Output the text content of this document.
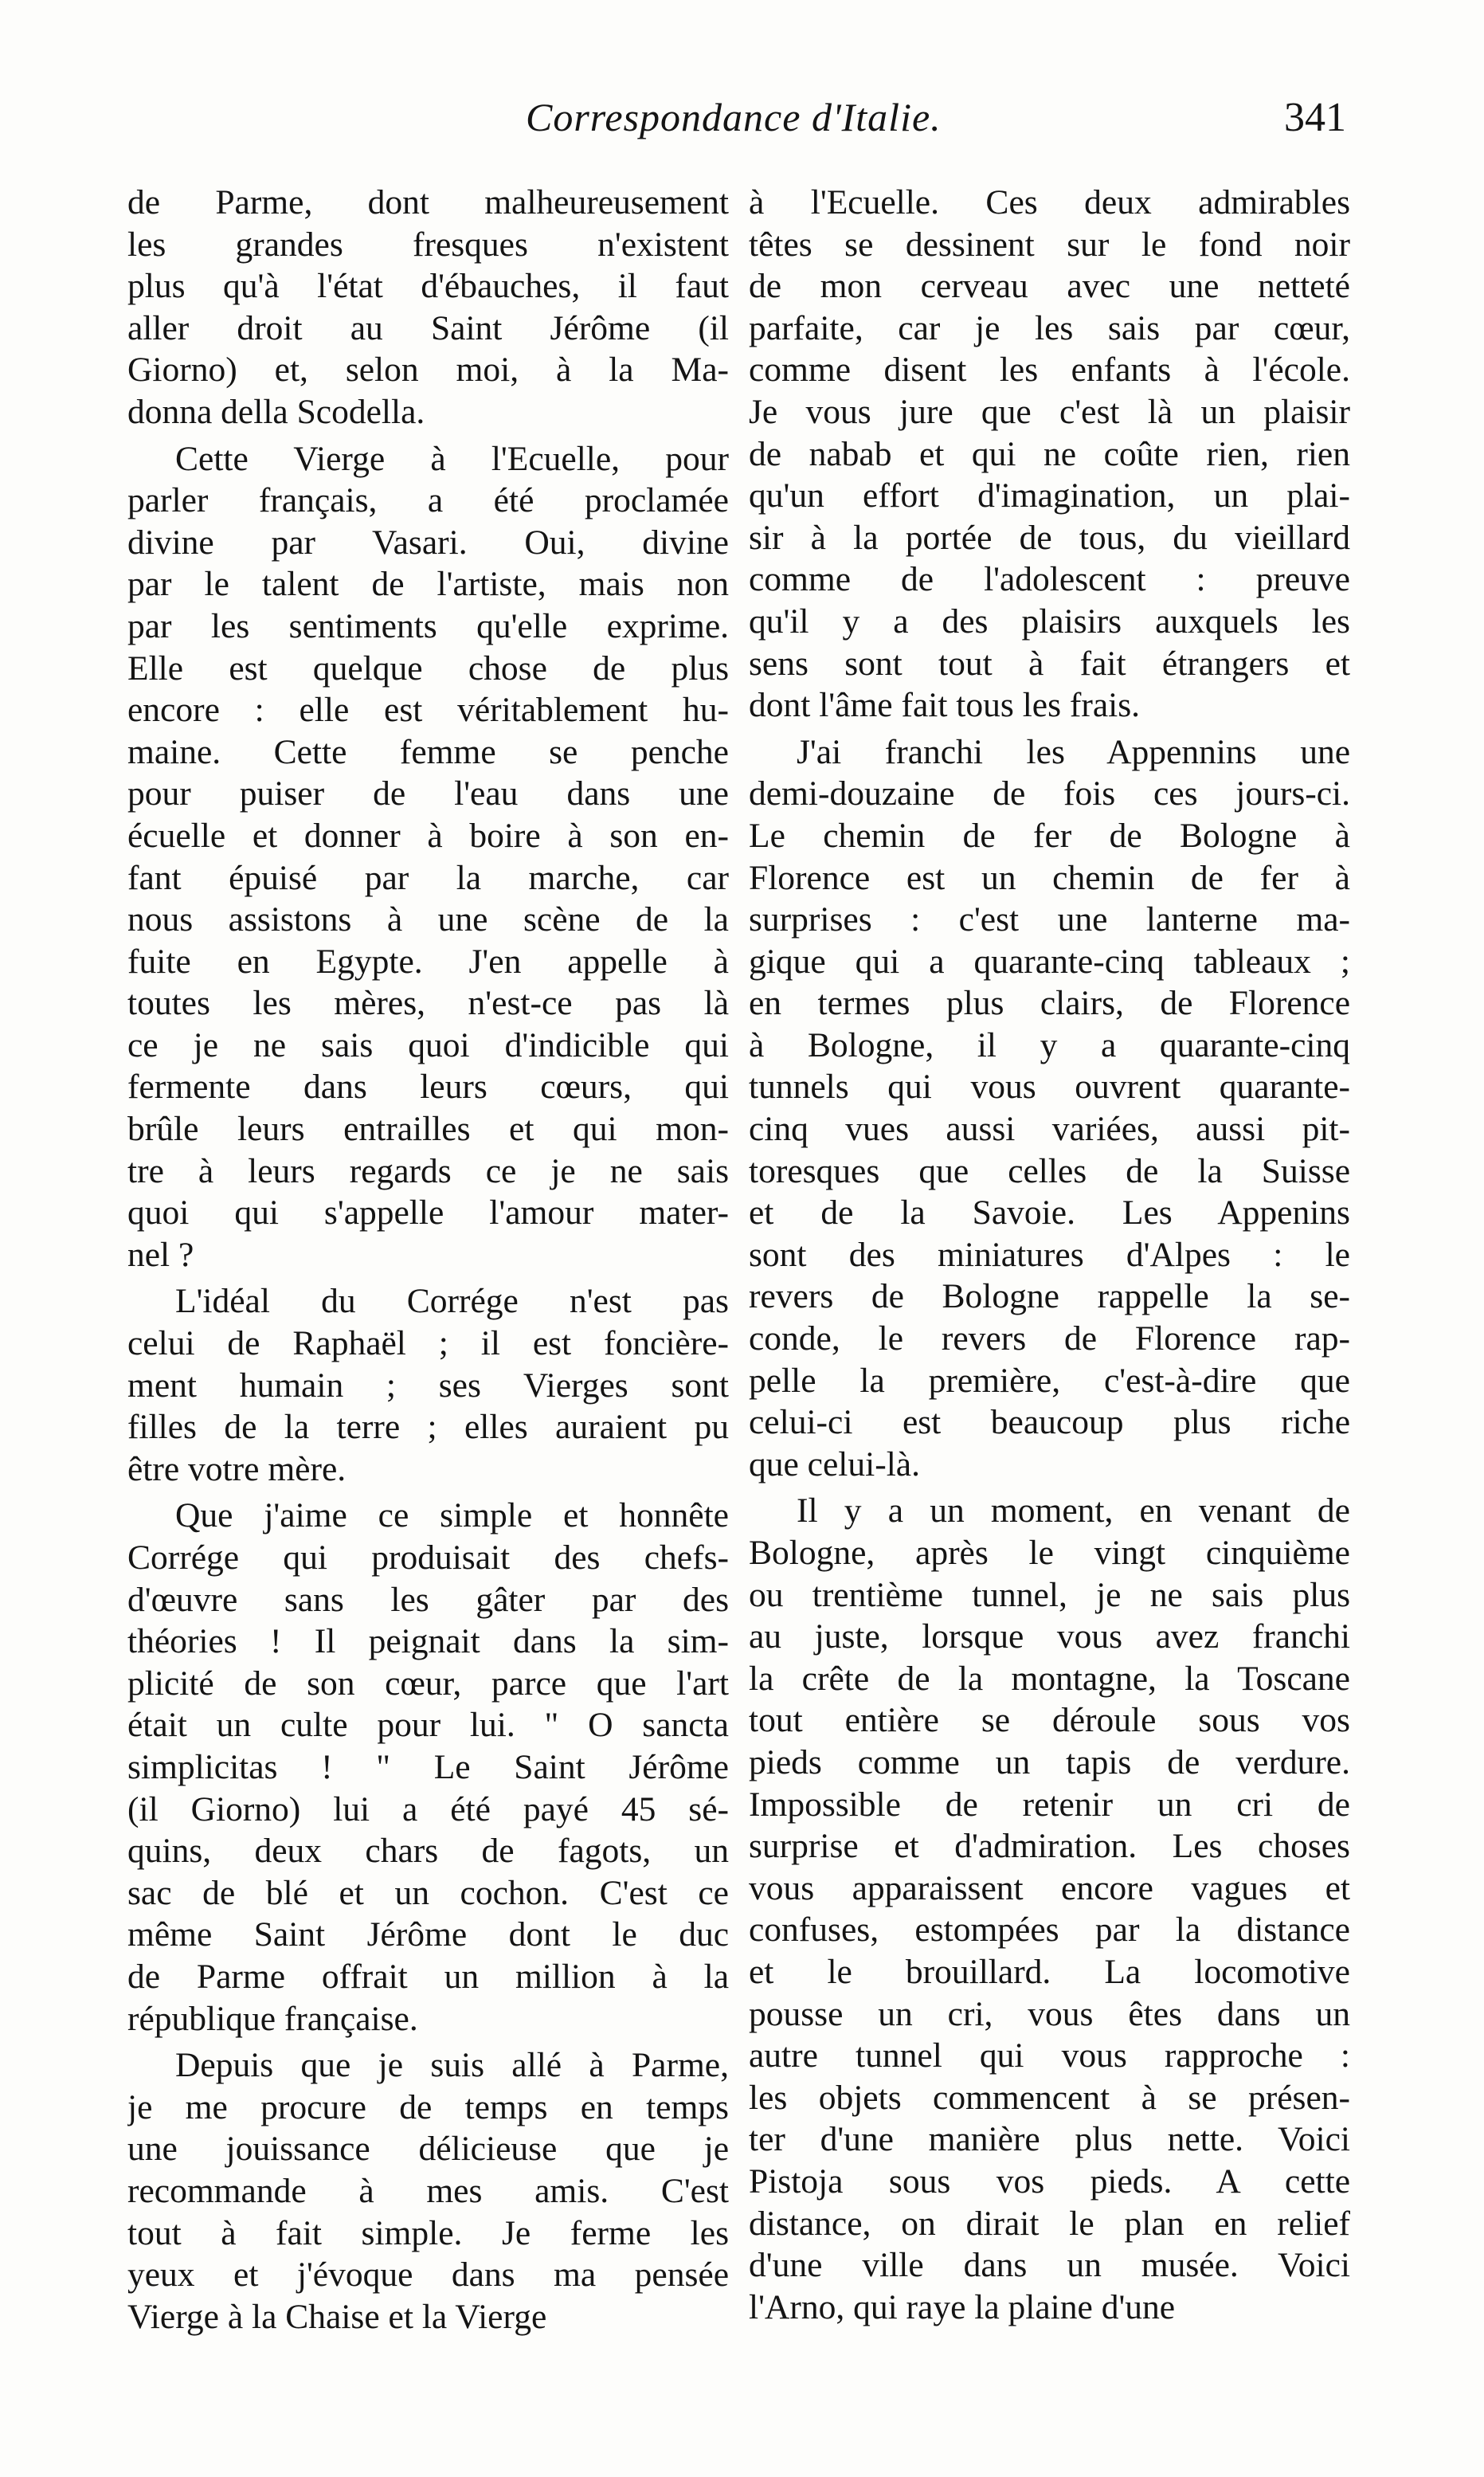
Correspondance d'Italie.	341
de Parme, dont malheureusement
les grandes fresques n'existent
plus qu'à l'état d'ébauches, il faut
aller droit au Saint Jérôme (il
Giorno) et, selon moi, à la Ma-
donna della Scodella.
Cette Vierge à l'Ecuelle, pour
parler français, a été proclamée
divine par Vasari. Oui, divine
par le talent de l'artiste, mais non
par les sentiments qu'elle exprime.
Elle est quelque chose de plus
encore : elle est véritablement hu-
maine. Cette femme se penche
pour puiser de l'eau dans une
écuelle et donner à boire à son en-
fant épuisé par la marche, car
nous assistons à une scène de la
fuite en Egypte. J'en appelle à
toutes les mères, n'est-ce pas là
ce je ne sais quoi d'indicible qui
fermente dans leurs cœurs, qui
brûle leurs entrailles et qui mon-
tre à leurs regards ce je ne sais
quoi qui s'appelle l'amour mater-
nel ?
L'idéal du Corrége n'est pas
celui de Raphaël ; il est foncière-
ment humain ; ses Vierges sont
filles de la terre ; elles auraient pu
être votre mère.
Que j'aime ce simple et honnête
Corrége qui produisait des chefs-
d'œuvre sans les gâter par des
théories ! Il peignait dans la sim-
plicité de son cœur, parce que l'art
était un culte pour lui. " O sancta
simplicitas ! " Le Saint Jérôme
(il Giorno) lui a été payé 45 sé-
quins, deux chars de fagots, un
sac de blé et un cochon. C'est ce
même Saint Jérôme dont le duc
de Parme offrait un million à la
république française.
Depuis que je suis allé à Parme,
je me procure de temps en temps
une jouissance délicieuse que je
recommande à mes amis. C'est
tout à fait simple. Je ferme les
yeux et j'évoque dans ma pensée
Vierge à la Chaise et la Vierge
à l'Ecuelle. Ces deux admirables
têtes se dessinent sur le fond noir
de mon cerveau avec une netteté
parfaite, car je les sais par cœur,
comme disent les enfants à l'école.
Je vous jure que c'est là un plaisir
de nabab et qui ne coûte rien, rien
qu'un effort d'imagination, un plai-
sir à la portée de tous, du vieillard
comme de l'adolescent : preuve
qu'il y a des plaisirs auxquels les
sens sont tout à fait étrangers et
dont l'âme fait tous les frais.
J'ai franchi les Appennins une
demi-douzaine de fois ces jours-ci.
Le chemin de fer de Bologne à
Florence est un chemin de fer à
surprises : c'est une lanterne ma-
gique qui a quarante-cinq tableaux ;
en termes plus clairs, de Florence
à Bologne, il y a quarante-cinq
tunnels qui vous ouvrent quarante-
cinq vues aussi variées, aussi pit-
toresques que celles de la Suisse
et de la Savoie. Les Appenins
sont des miniatures d'Alpes : le
revers de Bologne rappelle la se-
conde, le revers de Florence rap-
pelle la première, c'est-à-dire que
celui-ci est beaucoup plus riche
que celui-là.
Il y a un moment, en venant de
Bologne, après le vingt cinquième
ou trentième tunnel, je ne sais plus
au juste, lorsque vous avez franchi
la crête de la montagne, la Toscane
tout entière se déroule sous vos
pieds comme un tapis de verdure.
Impossible de retenir un cri de
surprise et d'admiration. Les choses
vous apparaissent encore vagues et
confuses, estompées par la distance
et le brouillard. La locomotive
pousse un cri, vous êtes dans un
autre tunnel qui vous rapproche :
les objets commencent à se présen-
ter d'une manière plus nette. Voici
Pistoja sous vos pieds. A cette
distance, on dirait le plan en relief
d'une ville dans un musée. Voici
l'Arno, qui raye la plaine d'une
